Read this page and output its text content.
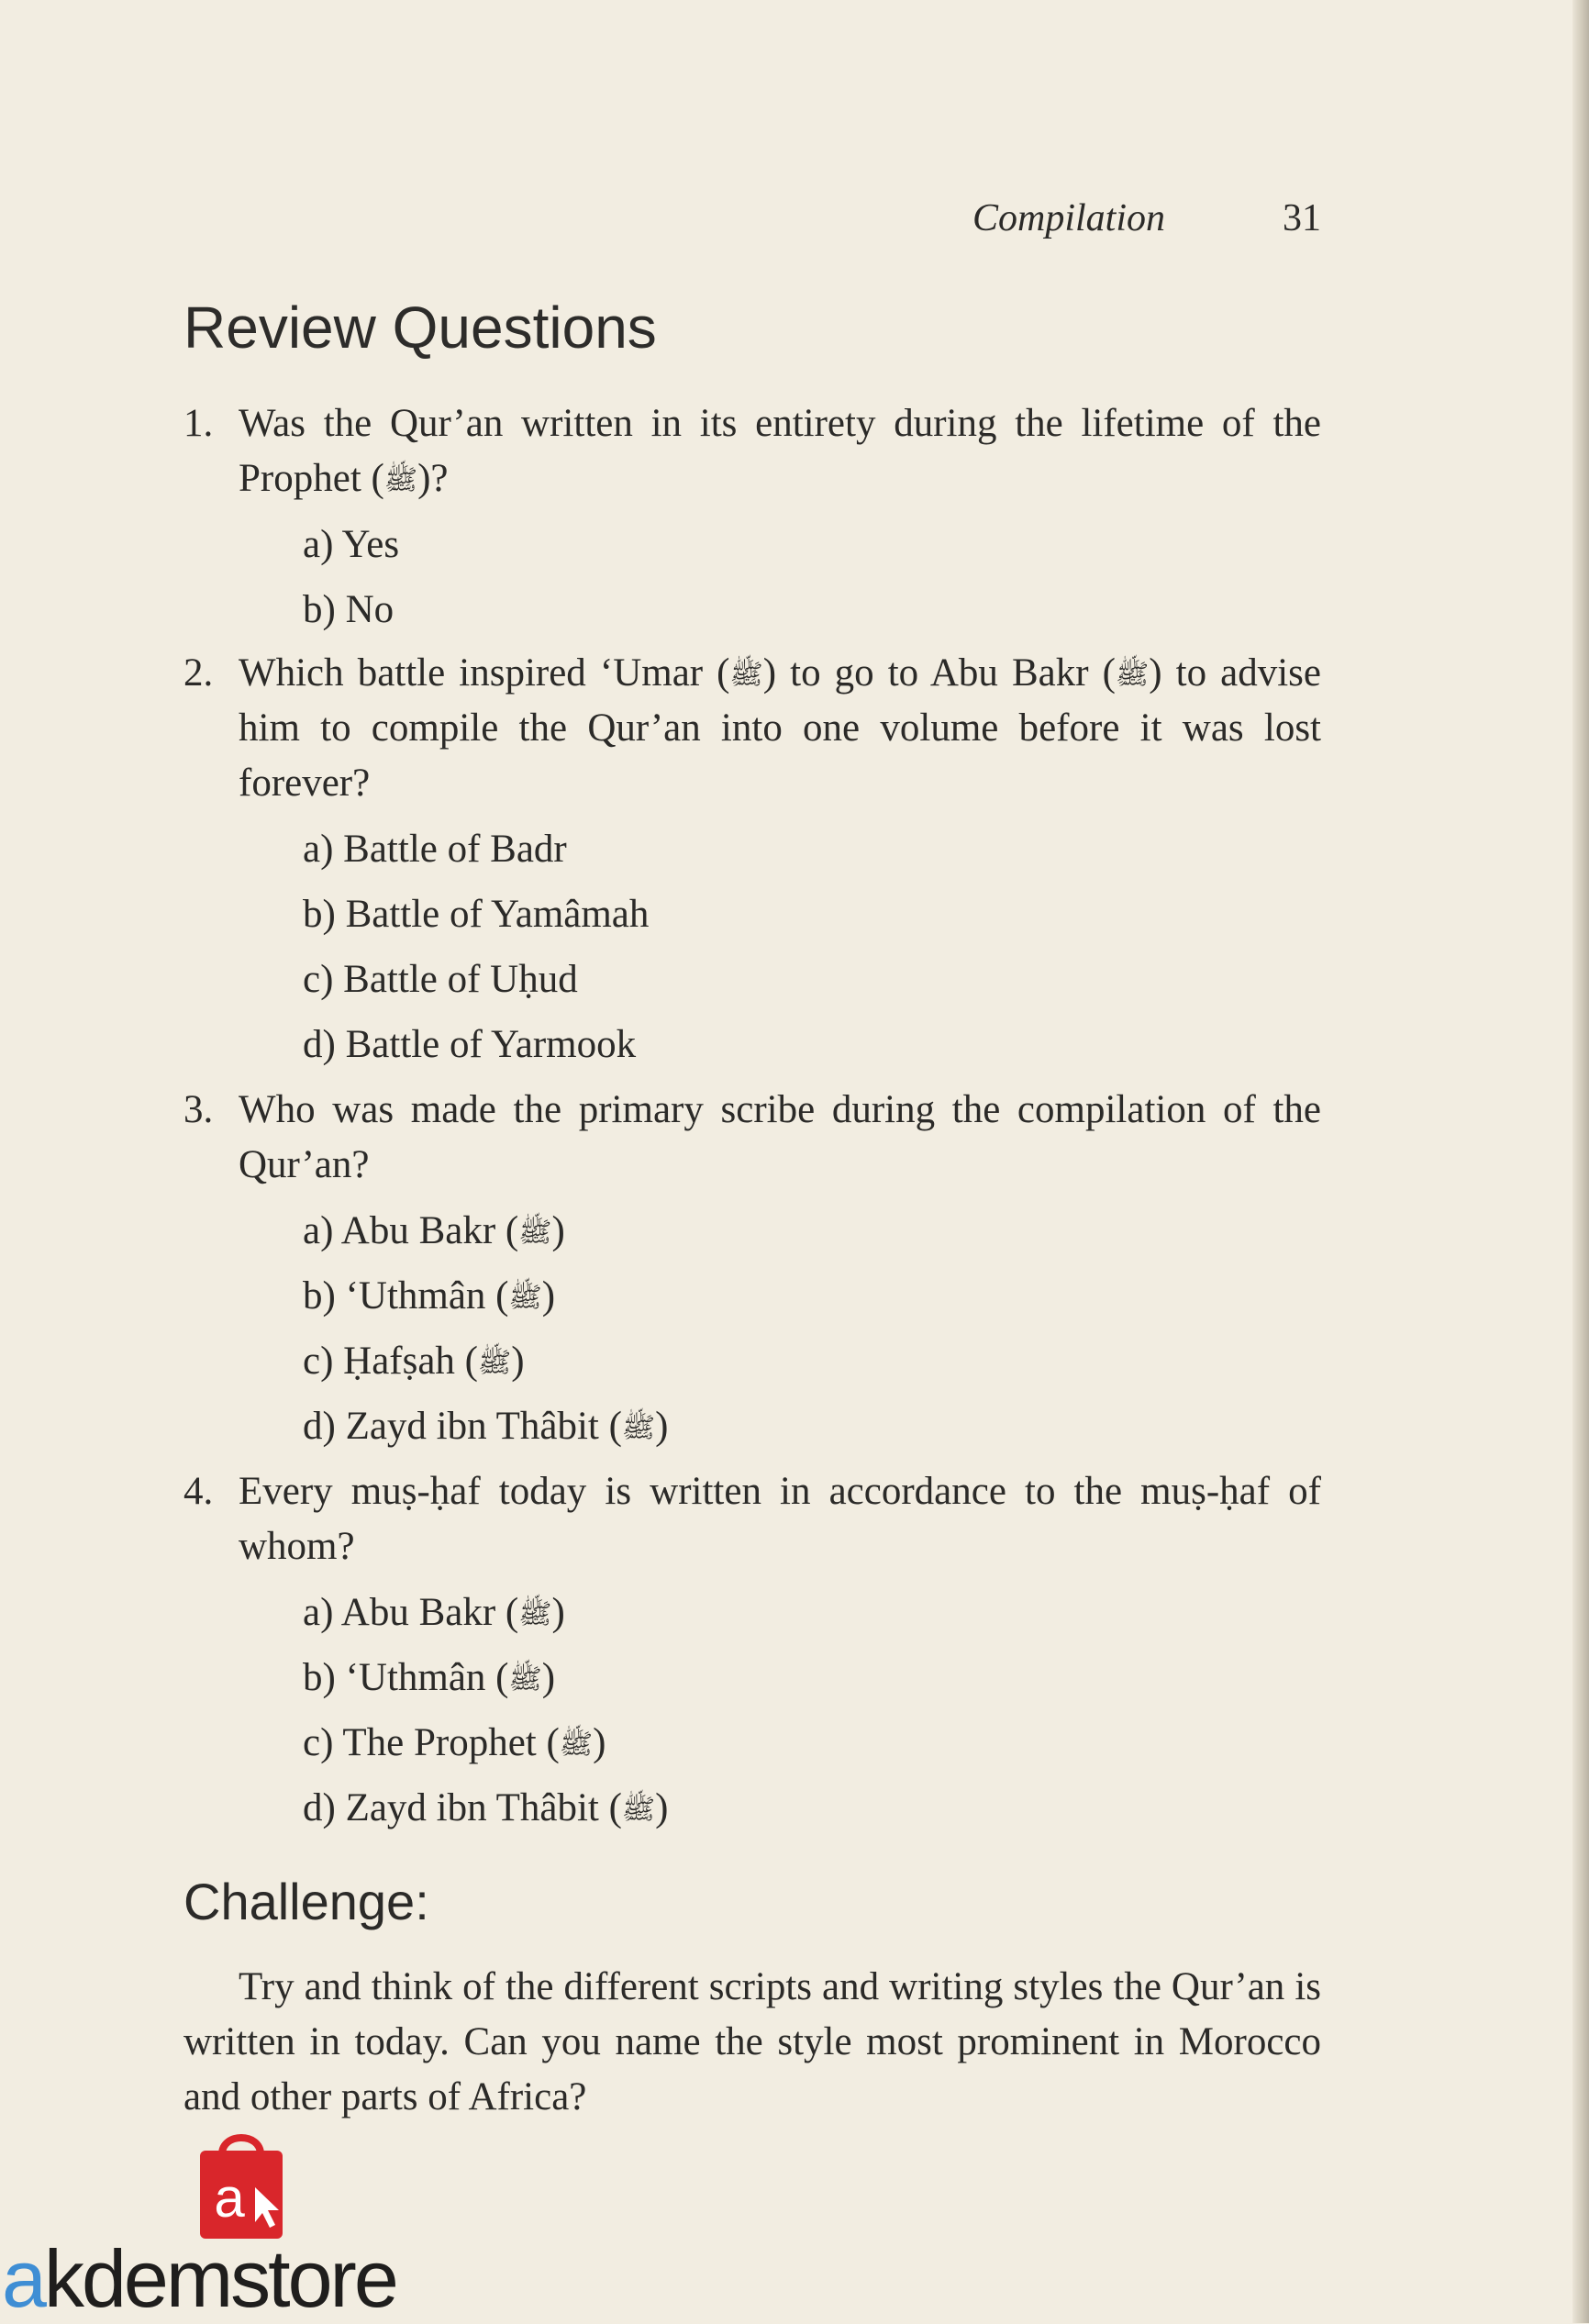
Compilation	31
Review Questions
1. Was the Qur’an written in its entirety during the lifetime of the Prophet (ﷺ)?
a) Yes
b) No
2. Which battle inspired ‘Umar (ﷺ) to go to Abu Bakr (ﷺ) to advise him to compile the Qur’an into one volume before it was lost forever?
a) Battle of Badr
b) Battle of Yamâmah
c) Battle of Uḥud
d) Battle of Yarmook
3. Who was made the primary scribe during the compilation of the Qur’an?
a) Abu Bakr (ﷺ)
b) ‘Uthmân (ﷺ)
c) Ḥafṣah (ﷺ)
d) Zayd ibn Thâbit (ﷺ)
4. Every muṣ-ḥaf today is written in accordance to the muṣ-ḥaf of whom?
a) Abu Bakr (ﷺ)
b) ‘Uthmân (ﷺ)
c) The Prophet (ﷺ)
d) Zayd ibn Thâbit (ﷺ)
Challenge:

Try and think of the different scripts and writing styles the Qur’an is written in today. Can you name the style most prominent in Morocco and other parts of Africa?

a
akdemstore
